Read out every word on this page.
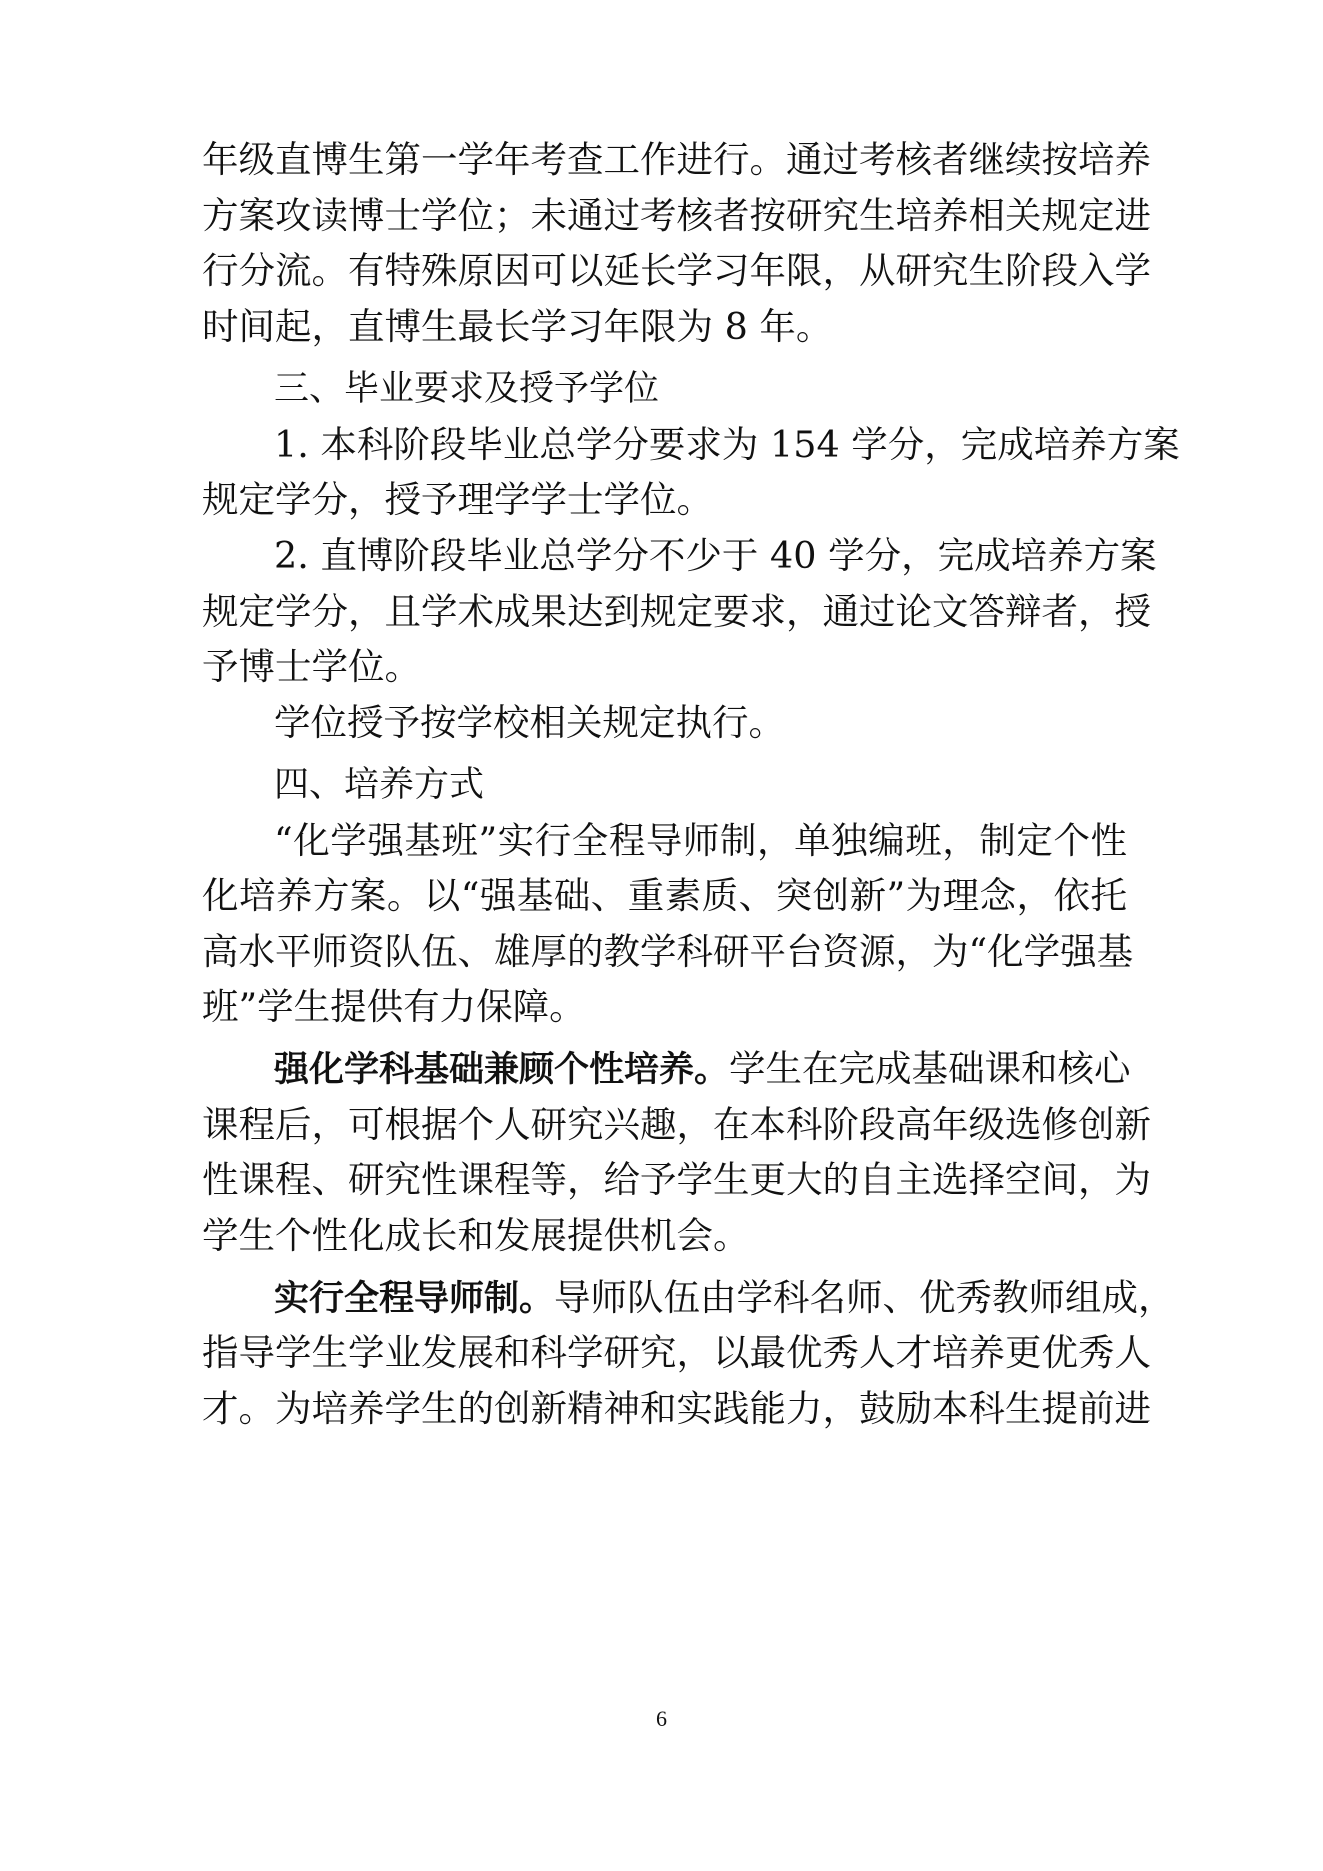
年级直博生第一学年考查工作进行。通过考核者继续按培养
方案攻读博士学位；未通过考核者按研究生培养相关规定进
行分流。有特殊原因可以延长学习年限，从研究生阶段入学
时间起，直博生最长学习年限为 8 年。
三、毕业要求及授予学位
1. 本科阶段毕业总学分要求为 154 学分，完成培养方案
规定学分，授予理学学士学位。
2. 直博阶段毕业总学分不少于 40 学分，完成培养方案
规定学分，且学术成果达到规定要求，通过论文答辩者，授
予博士学位。
学位授予按学校相关规定执行。
四、培养方式
“化学强基班”实行全程导师制，单独编班，制定个性
化培养方案。以“强基础、重素质、突创新”为理念，依托
高水平师资队伍、雄厚的教学科研平台资源，为“化学强基
班”学生提供有力保障。
强化学科基础兼顾个性培养。学生在完成基础课和核心
课程后，可根据个人研究兴趣，在本科阶段高年级选修创新
性课程、研究性课程等，给予学生更大的自主选择空间，为
学生个性化成长和发展提供机会。
实行全程导师制。导师队伍由学科名师、优秀教师组成，
指导学生学业发展和科学研究，以最优秀人才培养更优秀人
才。为培养学生的创新精神和实践能力，鼓励本科生提前进
6
